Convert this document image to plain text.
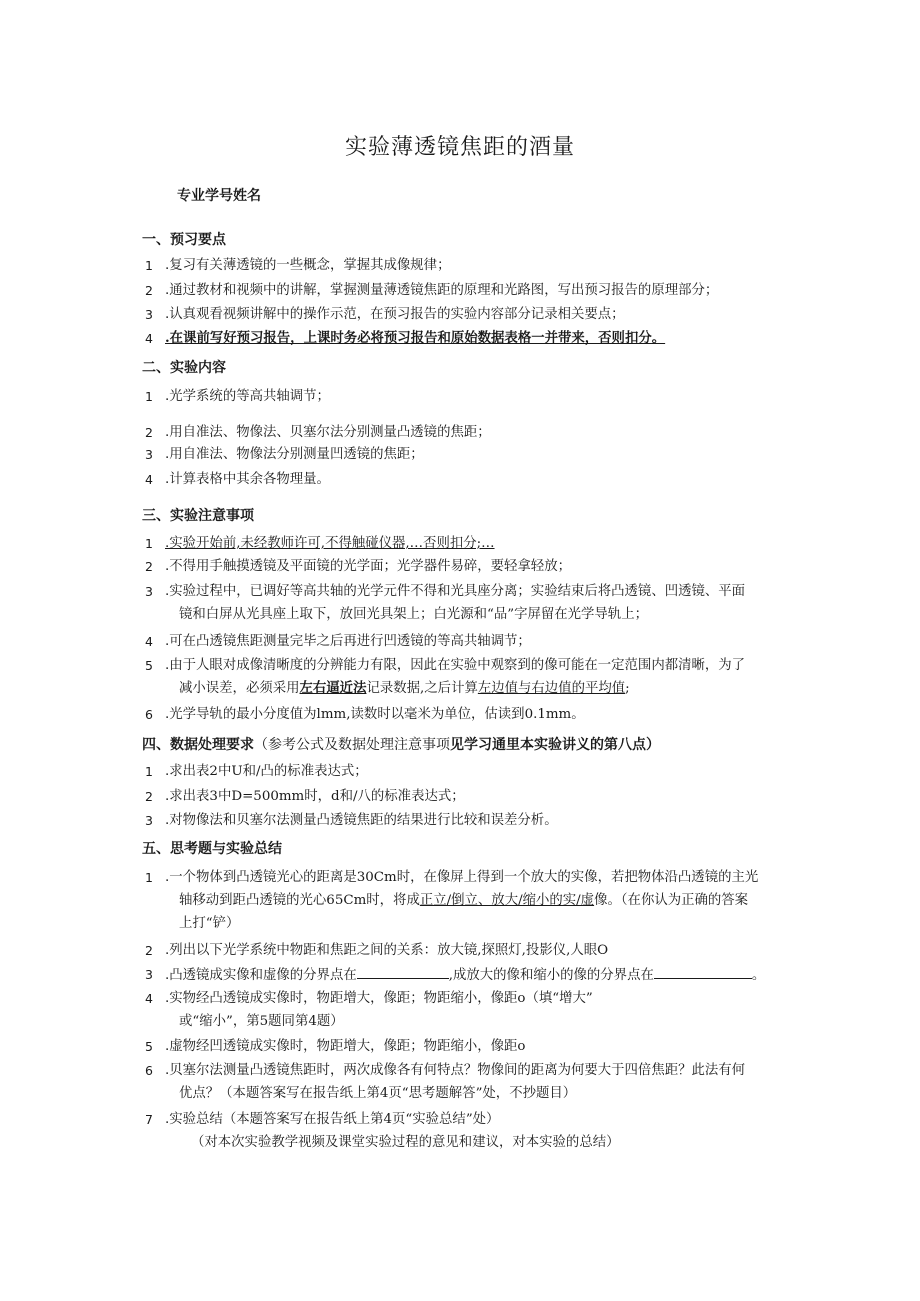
实验薄透镜焦距的酒量
专业学号姓名
一、预习要点
1 .复习有关薄透镜的一些概念，掌握其成像规律；
2 .通过教材和视频中的讲解，掌握测量薄透镜焦距的原理和光路图，写出预习报告的原理部分；
3 .认真观看视频讲解中的操作示范，在预习报告的实验内容部分记录相关要点；
4 .在课前写好预习报告，上课时务必将预习报告和原始数据表格一并带来，否则扣分。
二、实验内容
1 .光学系统的等高共轴调节；
2 .用自准法、物像法、贝塞尔法分别测量凸透镜的焦距；
3 .用自准法、物像法分别测量凹透镜的焦距；
4 .计算表格中其余各物理量。
三、实验注意事项
1 .实验开始前,未经教师许可,不得触碰仪器,…否则扣分;…
2 .不得用手触摸透镜及平面镜的光学面；光学器件易碎，要轻拿轻放；
3 .实验过程中，已调好等高共轴的光学元件不得和光具座分离；实验结束后将凸透镜、凹透镜、平面
镜和白屏从光具座上取下，放回光具架上；白光源和“品”字屏留在光学导轨上；
4 .可在凸透镜焦距测量完毕之后再进行凹透镜的等高共轴调节；
5 .由于人眼对成像清晰度的分辨能力有限，因此在实验中观察到的像可能在一定范围内都清晰，为了
减小误差，必须采用左右逼近法记录数据,之后计算左边值与右边值的平均值;
6 .光学导轨的最小分度值为lmm,读数时以毫米为单位，估读到0.1mm。
四、数据处理要求（参考公式及数据处理注意事项见学习通里本实验讲义的第八点）
1 .求出表2中U和/凸的标准表达式；
2 .求出表3中D=500mm时，d和/八的标准表达式；
3 .对物像法和贝塞尔法测量凸透镜焦距的结果进行比较和误差分析。
五、思考题与实验总结
1 .一个物体到凸透镜光心的距离是30Cm时，在像屏上得到一个放大的实像，若把物体沿凸透镜的主光
轴移动到距凸透镜的光心65Cm时，将成正立/倒立、放大/缩小的实/虚像。（在你认为正确的答案
上打“铲）
2 .列出以下光学系统中物距和焦距之间的关系：放大镜,探照灯,投影仪,人眼O
3 .凸透镜成实像和虚像的分界点在	,成放大的像和缩小的像的分界点在	。
4 .实物经凸透镜成实像时，物距增大，像距；物距缩小，像距o（填“增大”
或“缩小”，第5题同第4题）
5 .虚物经凹透镜成实像时，物距增大，像距；物距缩小，像距o
6 .贝塞尔法测量凸透镜焦距时，两次成像各有何特点？物像间的距离为何要大于四倍焦距？此法有何
优点？（本题答案写在报告纸上第4页“思考题解答”处，不抄题目）
7 .实验总结（本题答案写在报告纸上第4页“实验总结”处）
（对本次实验教学视频及课堂实验过程的意见和建议，对本实验的总结）
